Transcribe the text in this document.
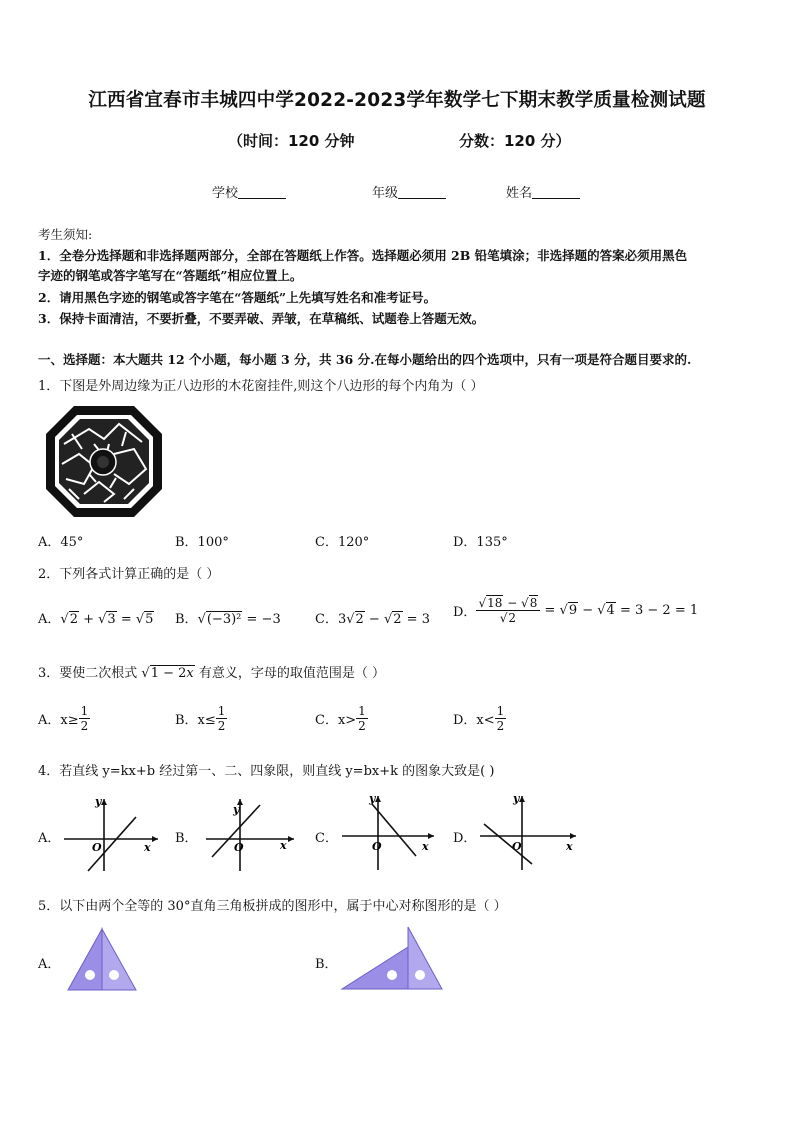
江西省宜春市丰城四中学2022-2023学年数学七下期末教学质量检测试题
（时间：120 分钟	分数：120 分）
学校	年级	姓名
考生须知:
1．全卷分选择题和非选择题两部分，全部在答题纸上作答。选择题必须用 2B 铅笔填涂；非选择题的答案必须用黑色
字迹的钢笔或答字笔写在“答题纸”相应位置上。
2．请用黑色字迹的钢笔或答字笔在“答题纸”上先填写姓名和准考证号。
3．保持卡面清洁，不要折叠，不要弄破、弄皱，在草稿纸、试题卷上答题无效。
一、选择题：本大题共 12 个小题，每小题 3 分，共 36 分.在每小题给出的四个选项中，只有一项是符合题目要求的.
1．下图是外周边缘为正八边形的木花窗挂件,则这个八边形的每个内角为（ ）
A．45°	B．100°	C．120°	D．135°
2．下列各式计算正确的是（ ）
A．√2 + √3 = √5 B．√(−3)² = −3	C．3√2 − √2 = 3 D． $\frac{√18 - √8}{√2} = √9 - √4 = 3 - 2 = 1$
3．要使二次根式 √1 − 2x 有意义，字母的取值范围是（ ）
A．$x\ge \frac{1}{2}$	B．$x\le \frac{1}{2}$	C．$x> \frac{1}{2}$	D．$x< \frac{1}{2}$
4．若直线 y=kx+b 经过第一、二、四象限，则直线 y=bx+k 的图象大致是( )
A．
y
O	x
B．
y
O	x C．
y
O	x
D．
y
O	x
5．以下由两个全等的 30°直角三角板拼成的图形中，属于中心对称图形的是（ ）
A．	B．
